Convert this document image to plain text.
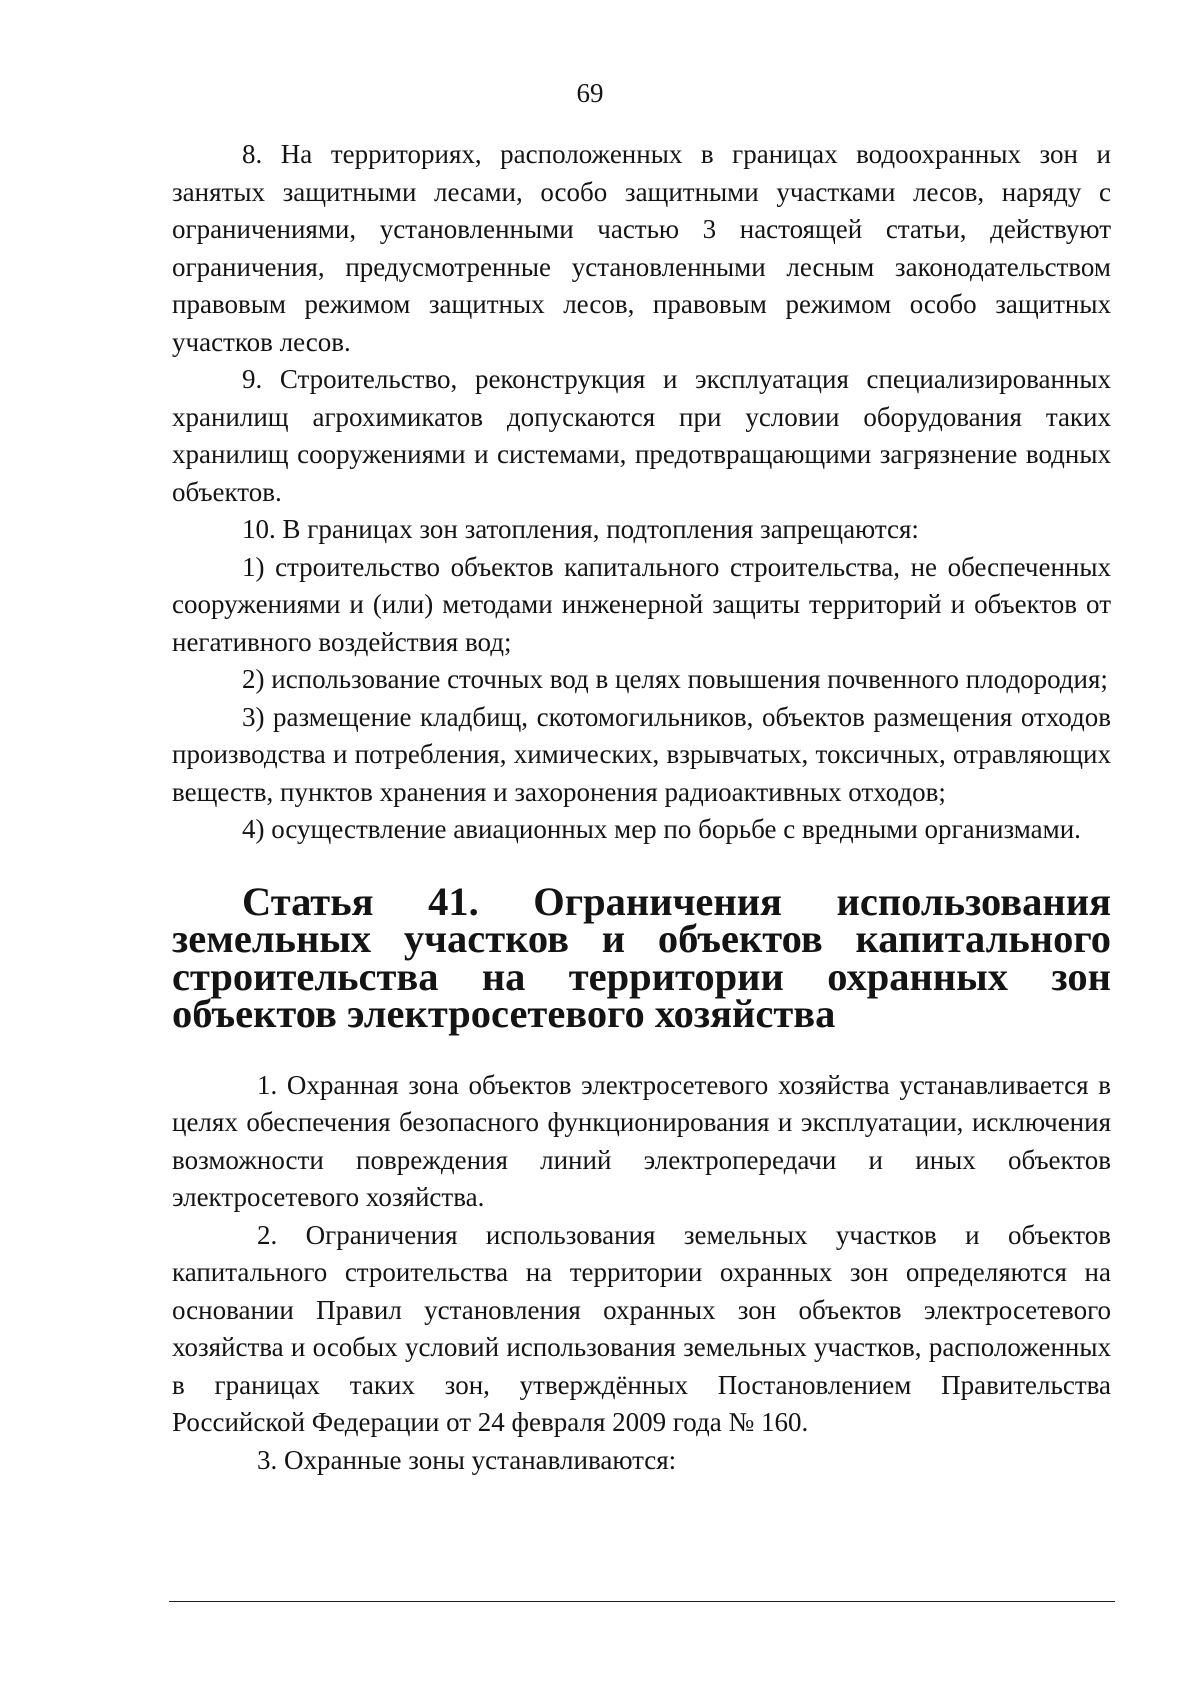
69

8. На территориях, расположенных в границах водоохранных зон и занятых защитными лесами, особо защитными участками лесов, наряду с ограничениями, установленными частью 3 настоящей статьи, действуют ограничения, предусмотренные установленными лесным законодательством правовым режимом защитных лесов, правовым режимом особо защитных участков лесов.

9. Строительство, реконструкция и эксплуатация специализированных хранилищ агрохимикатов допускаются при условии оборудования таких хранилищ сооружениями и системами, предотвращающими загрязнение водных объектов.

10. В границах зон затопления, подтопления запрещаются:

1) строительство объектов капитального строительства, не обеспеченных сооружениями и (или) методами инженерной защиты территорий и объектов от негативного воздействия вод;

2) использование сточных вод в целях повышения почвенного плодородия;

3) размещение кладбищ, скотомогильников, объектов размещения отходов производства и потребления, химических, взрывчатых, токсичных, отравляющих веществ, пунктов хранения и захоронения радиоактивных отходов;

4) осуществление авиационных мер по борьбе с вредными организмами.

Статья 41. Ограничения использования земельных участков и объектов капитального строительства на территории охранных зон объектов электросетевого хозяйства

1. Охранная зона объектов электросетевого хозяйства устанавливается в целях обеспечения безопасного функционирования и эксплуатации, исключения возможности повреждения линий электропередачи и иных объектов электросетевого хозяйства.

2. Ограничения использования земельных участков и объектов капитального строительства на территории охранных зон определяются на основании Правил установления охранных зон объектов электросетевого хозяйства и особых условий использования земельных участков, расположенных в границах таких зон, утверждённых Постановлением Правительства Российской Федерации от 24 февраля 2009 года № 160.

3. Охранные зоны устанавливаются:
